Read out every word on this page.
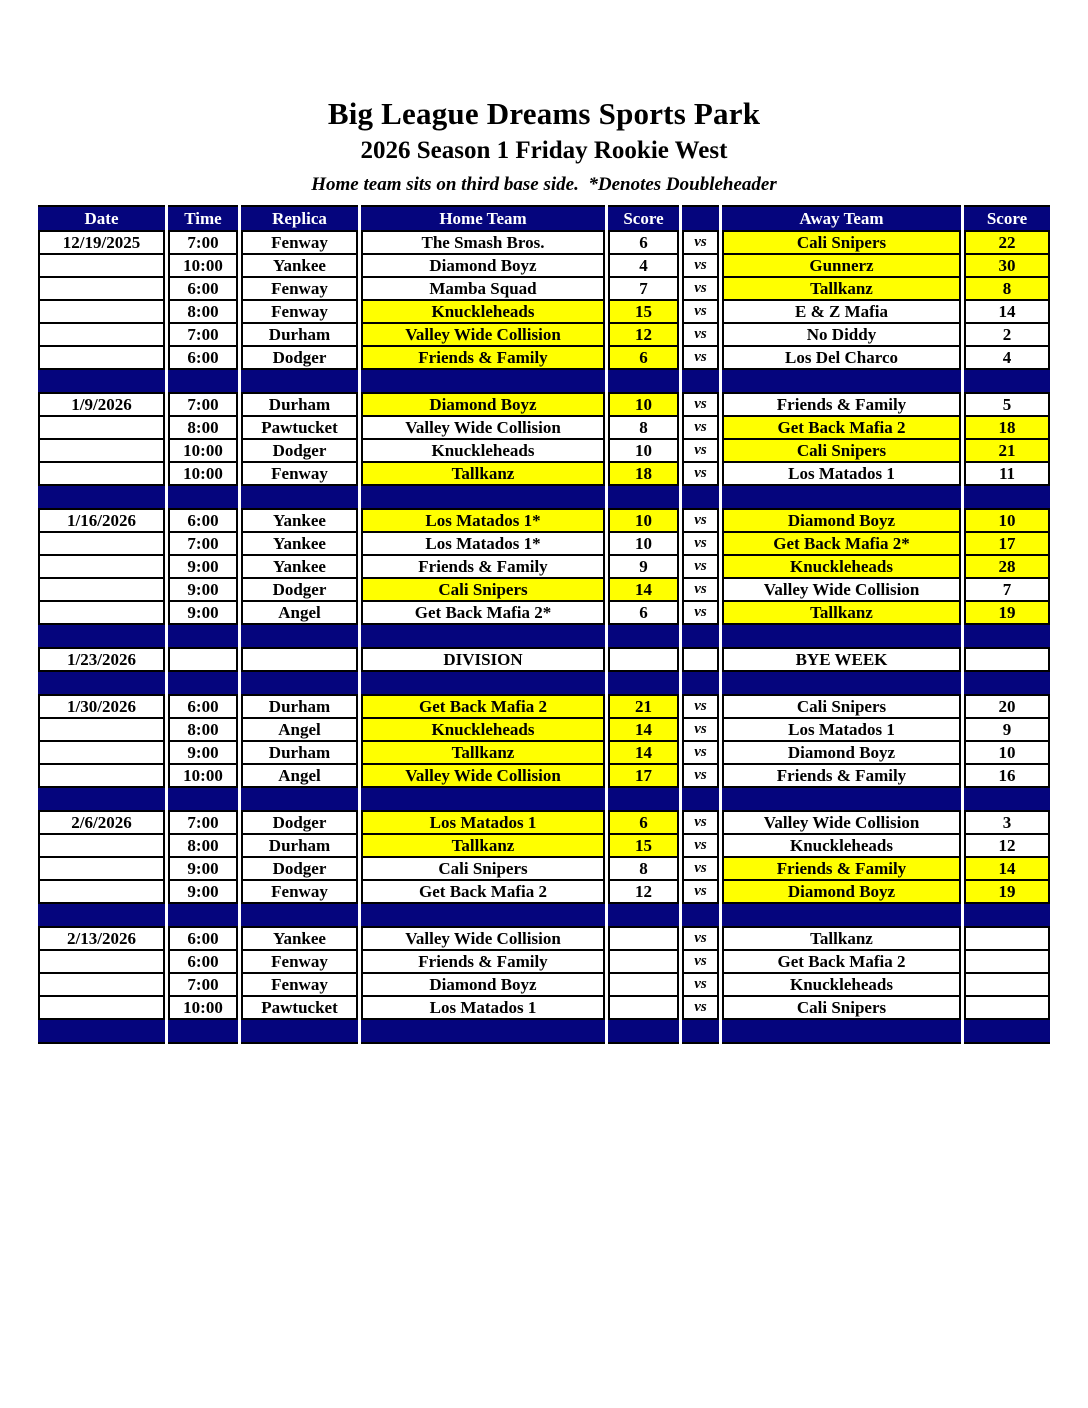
Big League Dreams Sports Park
2026 Season 1 Friday Rookie West
Home team sits on third base side.  *Denotes Doubleheader
Date	Time	Replica	Home Team	Score		Away Team	Score
12/19/2025	7:00	Fenway	The Smash Bros.	6	vs	Cali Snipers	22
	10:00	Yankee	Diamond Boyz	4	vs	Gunnerz	30
	6:00	Fenway	Mamba Squad	7	vs	Tallkanz	8
	8:00	Fenway	Knuckleheads	15	vs	E & Z Mafia	14
	7:00	Durham	Valley Wide Collision	12	vs	No Diddy	2
	6:00	Dodger	Friends & Family	6	vs	Los Del Charco	4

1/9/2026	7:00	Durham	Diamond Boyz	10	vs	Friends & Family	5
	8:00	Pawtucket	Valley Wide Collision	8	vs	Get Back Mafia 2	18
	10:00	Dodger	Knuckleheads	10	vs	Cali Snipers	21
	10:00	Fenway	Tallkanz	18	vs	Los Matados 1	11

1/16/2026	6:00	Yankee	Los Matados 1*	10	vs	Diamond Boyz	10
	7:00	Yankee	Los Matados 1*	10	vs	Get Back Mafia 2*	17
	9:00	Yankee	Friends & Family	9	vs	Knuckleheads	28
	9:00	Dodger	Cali Snipers	14	vs	Valley Wide Collision	7
	9:00	Angel	Get Back Mafia 2*	6	vs	Tallkanz	19

1/23/2026			DIVISION			BYE WEEK	

1/30/2026	6:00	Durham	Get Back Mafia 2	21	vs	Cali Snipers	20
	8:00	Angel	Knuckleheads	14	vs	Los Matados 1	9
	9:00	Durham	Tallkanz	14	vs	Diamond Boyz	10
	10:00	Angel	Valley Wide Collision	17	vs	Friends & Family	16

2/6/2026	7:00	Dodger	Los Matados 1	6	vs	Valley Wide Collision	3
	8:00	Durham	Tallkanz	15	vs	Knuckleheads	12
	9:00	Dodger	Cali Snipers	8	vs	Friends & Family	14
	9:00	Fenway	Get Back Mafia 2	12	vs	Diamond Boyz	19

2/13/2026	6:00	Yankee	Valley Wide Collision		vs	Tallkanz	
	6:00	Fenway	Friends & Family		vs	Get Back Mafia 2	
	7:00	Fenway	Diamond Boyz		vs	Knuckleheads	
	10:00	Pawtucket	Los Matados 1		vs	Cali Snipers	
